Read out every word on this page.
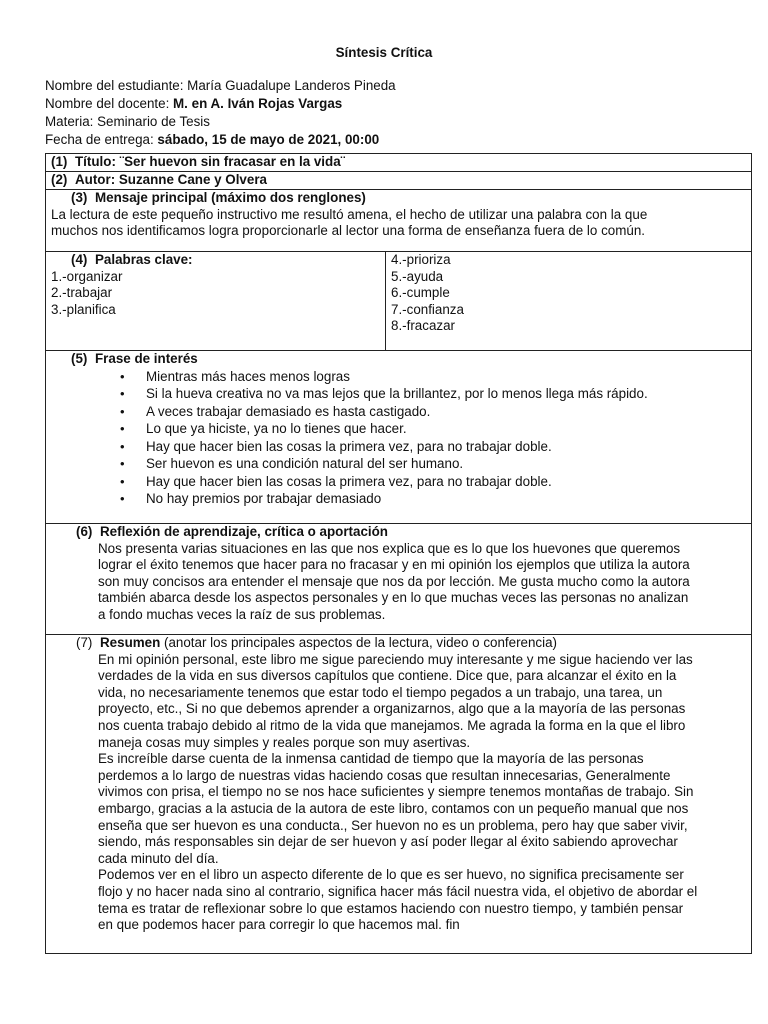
Síntesis Crítica
Nombre del estudiante: María Guadalupe Landeros Pineda
Nombre del docente: M. en A. Iván Rojas Vargas
Materia: Seminario de Tesis
Fecha de entrega: sábado, 15 de mayo de 2021, 00:00
(1) Título: ¨Ser huevon sin fracasar en la vida¨
(2) Autor: Suzanne Cane y Olvera

(3) Mensaje principal (máximo dos renglones)
La lectura de este pequeño instructivo me resultó amena, el hecho de utilizar una palabra con la que
muchos nos identificamos logra proporcionarle al lector una forma de enseñanza fuera de lo común.

(4) Palabras clave:
1.-organizar
2.-trabajar
3.-planifica

4.-prioriza
5.-ayuda
6.-cumple
7.-confianza
8.-fracazar

(5) Frase de interés
• Mientras más haces menos logras
• Si la hueva creativa no va mas lejos que la brillantez, por lo menos llega más rápido.
• A veces trabajar demasiado es hasta castigado.
• Lo que ya hiciste, ya no lo tienes que hacer.
• Hay que hacer bien las cosas la primera vez, para no trabajar doble.
• Ser huevon es una condición natural del ser humano.
• Hay que hacer bien las cosas la primera vez, para no trabajar doble.
• No hay premios por trabajar demasiado

(6) Reflexión de aprendizaje, crítica o aportación
Nos presenta varias situaciones en las que nos explica que es lo que los huevones que queremos
lograr el éxito tenemos que hacer para no fracasar y en mi opinión los ejemplos que utiliza la autora
son muy concisos ara entender el mensaje que nos da por lección. Me gusta mucho como la autora
también abarca desde los aspectos personales y en lo que muchas veces las personas no analizan
a fondo muchas veces la raíz de sus problemas.

(7) Resumen (anotar los principales aspectos de la lectura, video o conferencia)
En mi opinión personal, este libro me sigue pareciendo muy interesante y me sigue haciendo ver las
verdades de la vida en sus diversos capítulos que contiene. Dice que, para alcanzar el éxito en la
vida, no necesariamente tenemos que estar todo el tiempo pegados a un trabajo, una tarea, un
proyecto, etc., Si no que debemos aprender a organizarnos, algo que a la mayoría de las personas
nos cuenta trabajo debido al ritmo de la vida que manejamos. Me agrada la forma en la que el libro
maneja cosas muy simples y reales porque son muy asertivas.
Es increíble darse cuenta de la inmensa cantidad de tiempo que la mayoría de las personas
perdemos a lo largo de nuestras vidas haciendo cosas que resultan innecesarias, Generalmente
vivimos con prisa, el tiempo no se nos hace suficientes y siempre tenemos montañas de trabajo. Sin
embargo, gracias a la astucia de la autora de este libro, contamos con un pequeño manual que nos
enseña que ser huevon es una conducta., Ser huevon no es un problema, pero hay que saber vivir,
siendo, más responsables sin dejar de ser huevon y así poder llegar al éxito sabiendo aprovechar
cada minuto del día.
Podemos ver en el libro un aspecto diferente de lo que es ser huevo, no significa precisamente ser
flojo y no hacer nada sino al contrario, significa hacer más fácil nuestra vida, el objetivo de abordar el
tema es tratar de reflexionar sobre lo que estamos haciendo con nuestro tiempo, y también pensar
en que podemos hacer para corregir lo que hacemos mal. fin
